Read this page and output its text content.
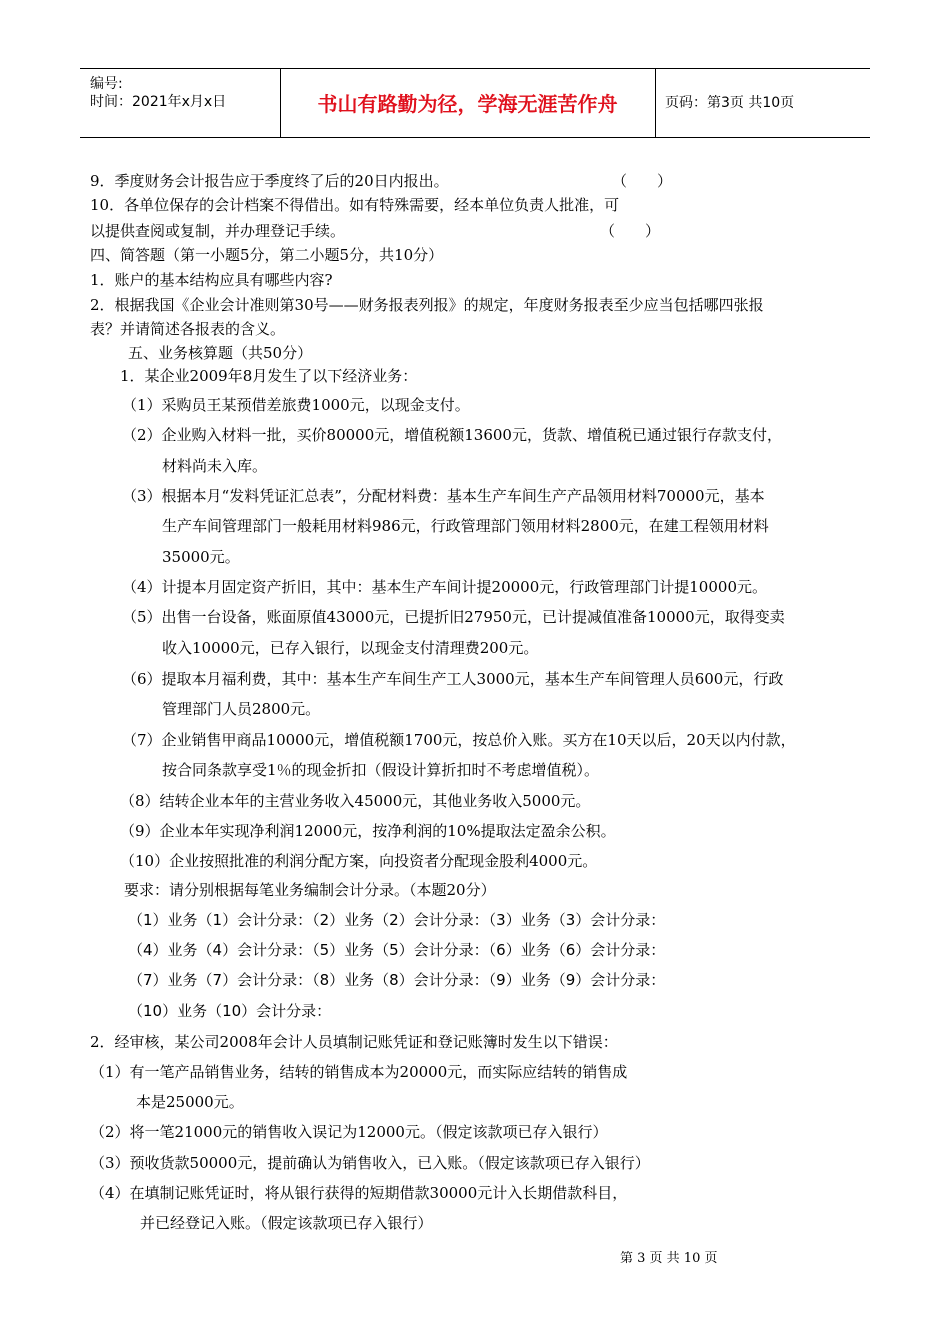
编号:
时间：2021年x月x日	书山有路勤为径，学海无涯苦作舟	页码：第3页 共10页
9．季度财务会计报告应于季度终了后的20日内报出。	（　　）
10．各单位保存的会计档案不得借出。如有特殊需要，经本单位负责人批准，可
以提供查阅或复制，并办理登记手续。	（　　）
四、简答题（第一小题5分，第二小题5分，共10分）
1．账户的基本结构应具有哪些内容?
2．根据我国《企业会计准则第30号——财务报表列报》的规定，年度财务报表至少应当包括哪四张报
表？并请简述各报表的含义。
五、业务核算题（共50分）
1．某企业2009年8月发生了以下经济业务：
（1）采购员王某预借差旅费1000元，以现金支付。
（2）企业购入材料一批，买价80000元，增值税额13600元，货款、增值税已通过银行存款支付，
材料尚未入库。
（3）根据本月“发料凭证汇总表”，分配材料费：基本生产车间生产产品领用材料70000元，基本
生产车间管理部门一般耗用材料986元，行政管理部门领用材料2800元，在建工程领用材料
35000元。
（4）计提本月固定资产折旧，其中：基本生产车间计提20000元，行政管理部门计提10000元。
（5）出售一台设备，账面原值43000元，已提折旧27950元，已计提减值准备10000元，取得变卖
收入10000元，已存入银行，以现金支付清理费200元。
（6）提取本月福利费，其中：基本生产车间生产工人3000元，基本生产车间管理人员600元，行政
管理部门人员2800元。
（7）企业销售甲商品10000元，增值税额1700元，按总价入账。买方在10天以后，20天以内付款，
按合同条款享受1％的现金折扣（假设计算折扣时不考虑增值税）。
（8）结转企业本年的主营业务收入45000元，其他业务收入5000元。
（9）企业本年实现净利润12000元，按净利润的10%提取法定盈余公积。
（10）企业按照批准的利润分配方案，向投资者分配现金股利4000元。
要求：请分别根据每笔业务编制会计分录。（本题20分）
（1）业务（1）会计分录：（2）业务（2）会计分录：（3）业务（3）会计分录：
（4）业务（4）会计分录：（5）业务（5）会计分录：（6）业务（6）会计分录：
（7）业务（7）会计分录：（8）业务（8）会计分录：（9）业务（9）会计分录：
（10）业务（10）会计分录：
2．经审核，某公司2008年会计人员填制记账凭证和登记账簿时发生以下错误：
（1）有一笔产品销售业务，结转的销售成本为20000元，而实际应结转的销售成
本是25000元。
（2）将一笔21000元的销售收入误记为12000元。（假定该款项已存入银行）
（3）预收货款50000元，提前确认为销售收入，已入账。（假定该款项已存入银行）
（4）在填制记账凭证时，将从银行获得的短期借款30000元计入长期借款科目，
并已经登记入账。（假定该款项已存入银行）
第 3 页 共 10 页
